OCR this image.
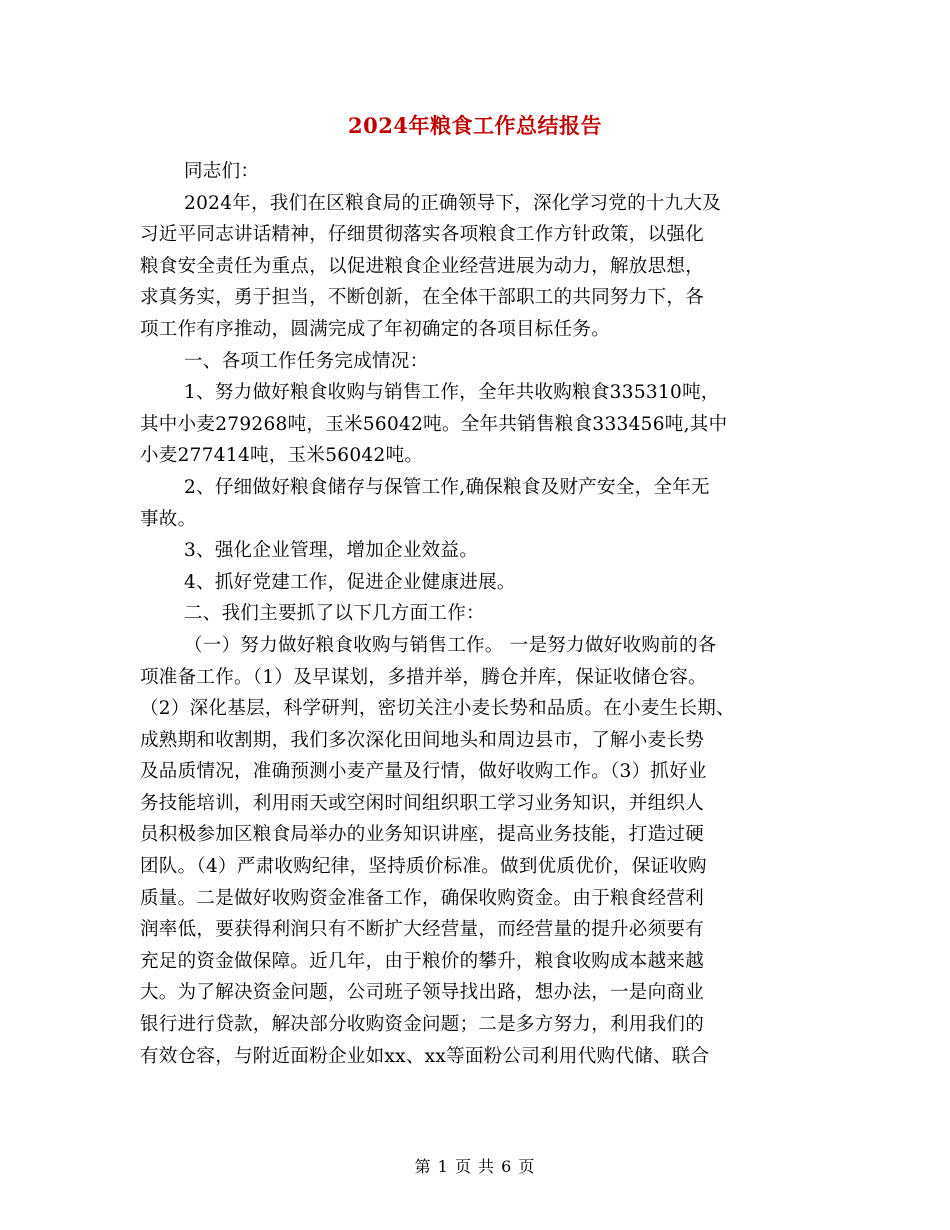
2024年粮食工作总结报告
同志们：
2024年，我们在区粮食局的正确领导下，深化学习党的十九大及
习近平同志讲话精神，仔细贯彻落实各项粮食工作方针政策，以强化
粮食安全责任为重点，以促进粮食企业经营进展为动力，解放思想，
求真务实，勇于担当，不断创新，在全体干部职工的共同努力下，各
项工作有序推动，圆满完成了年初确定的各项目标任务。
一、各项工作任务完成情况：
1、努力做好粮食收购与销售工作，全年共收购粮食335310吨，
其中小麦279268吨，玉米56042吨。全年共销售粮食333456吨,其中
小麦277414吨，玉米56042吨。
2、仔细做好粮食储存与保管工作,确保粮食及财产安全，全年无
事故。
3、强化企业管理，增加企业效益。
4、抓好党建工作，促进企业健康进展。
二、我们主要抓了以下几方面工作：
（一）努力做好粮食收购与销售工作。 一是努力做好收购前的各
项准备工作。（1）及早谋划，多措并举，腾仓并库，保证收储仓容。
（2）深化基层，科学研判，密切关注小麦长势和品质。在小麦生长期、
成熟期和收割期，我们多次深化田间地头和周边县市，了解小麦长势
及品质情况，准确预测小麦产量及行情，做好收购工作。（3）抓好业
务技能培训，利用雨天或空闲时间组织职工学习业务知识，并组织人
员积极参加区粮食局举办的业务知识讲座，提高业务技能，打造过硬
团队。（4）严肃收购纪律，坚持质价标准。做到优质优价，保证收购
质量。二是做好收购资金准备工作，确保收购资金。由于粮食经营利
润率低，要获得利润只有不断扩大经营量，而经营量的提升必须要有
充足的资金做保障。近几年，由于粮价的攀升，粮食收购成本越来越
大。为了解决资金问题，公司班子领导找出路，想办法，一是向商业
银行进行贷款，解决部分收购资金问题；二是多方努力，利用我们的
有效仓容，与附近面粉企业如xx、xx等面粉公司利用代购代储、联合
第 1 页 共 6 页
